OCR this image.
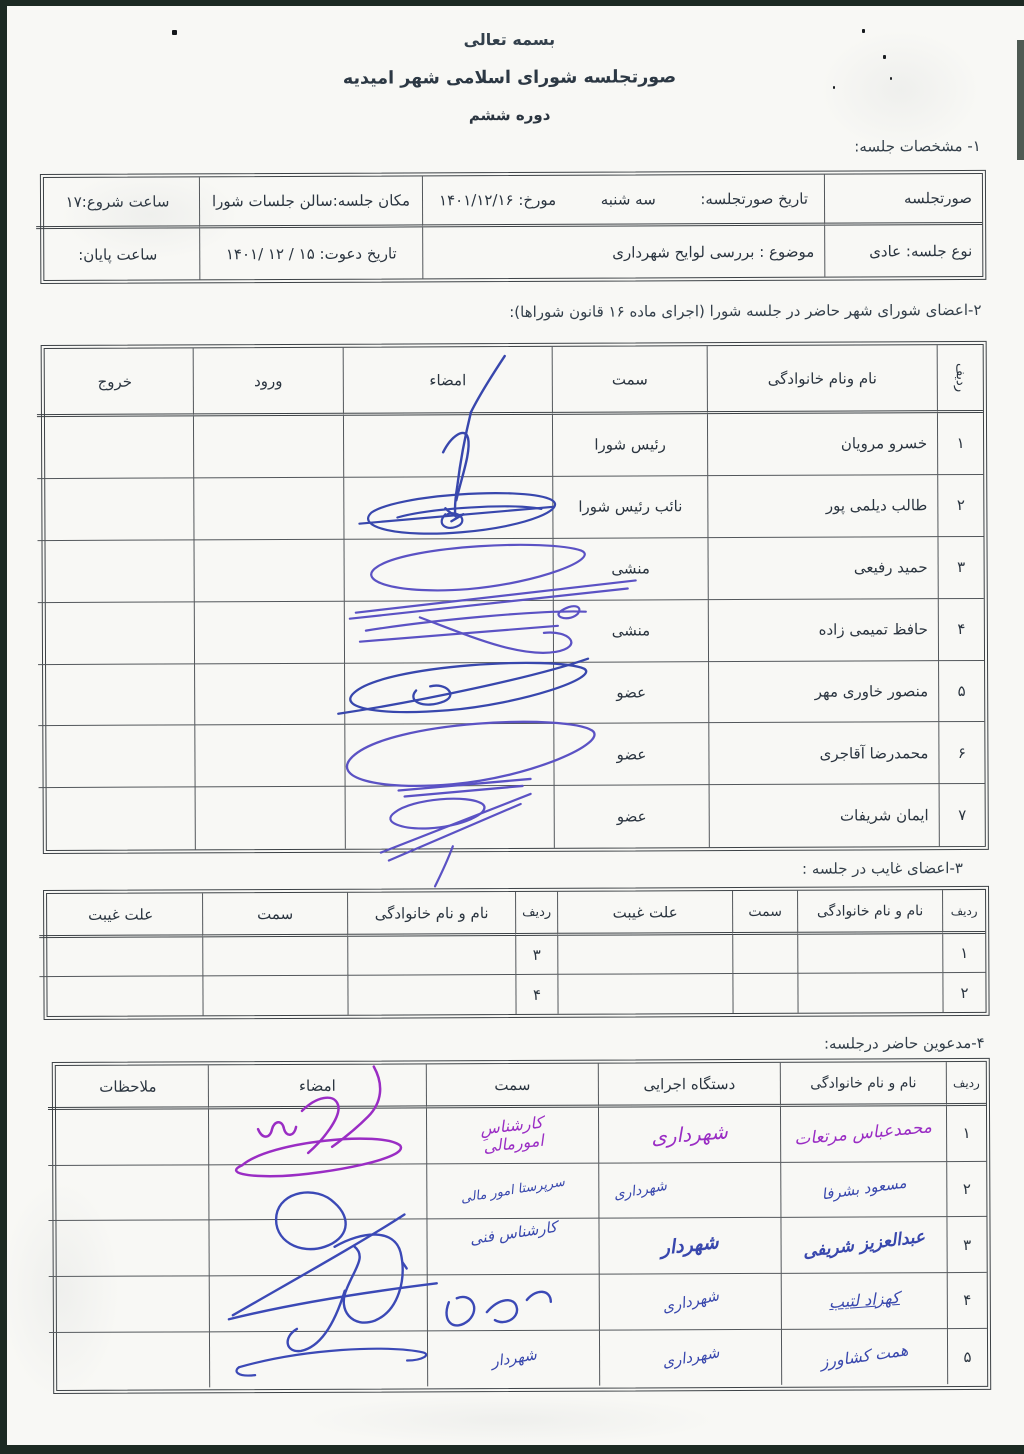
بسمه تعالی
صورتجلسه شورای اسلامی شهر امیدیه
دوره ششم
۱- مشخصات جلسه:
صورتجلسه
تاریخ صورتجلسه:
سه شنبه
مورخ: ۱۴۰۱/۱۲/۱۶
مکان جلسه:سالن جلسات شورا
ساعت شروع:۱۷
نوع جلسه: عادی
موضوع : بررسی لوایح شهرداری
تاریخ دعوت: ۱۵ / ۱۲ /۱۴۰۱
ساعت پایان:
۲-اعضای شورای شهر حاضر در جلسه شورا (اجرای ماده ۱۶ قانون شوراها):
ردیف
نام ونام خانوادگی
سمت
امضاء
ورود
خروج
۱
خسرو مرویان
رئیس شورا
۲
طالب دیلمی پور
نائب رئیس شورا
۳
حمید رفیعی
منشی
۴
حافظ تمیمی زاده
منشی
۵
منصور خاوری مهر
عضو
۶
محمدرضا آقاجری
عضو
۷
ایمان شریفات
عضو
۳-اعضای غایب در جلسه :
ردیف
نام و نام خانوادگی
سمت
علت غیبت
ردیف
نام و نام خانوادگی
سمت
علت غیبت
۱
۳
۲
۴
۴-مدعوین حاضر درجلسه:
ردیف
نام و نام خانوادگی
دستگاه اجرایی
سمت
امضاء
ملاحظات
۱
محمدعباس مرتعات
شهرداری
کارشناسِ
امورمالی
۲
مسعود بشرفا
شهرداری
سرپرستا امور مالی
۳
عبدالعزیز شریفی
شهردار
کارشناس فنی
۴
کهزاد لتیب
شهرداری
۵
همت کشاورز
شهرداری
شهردار
